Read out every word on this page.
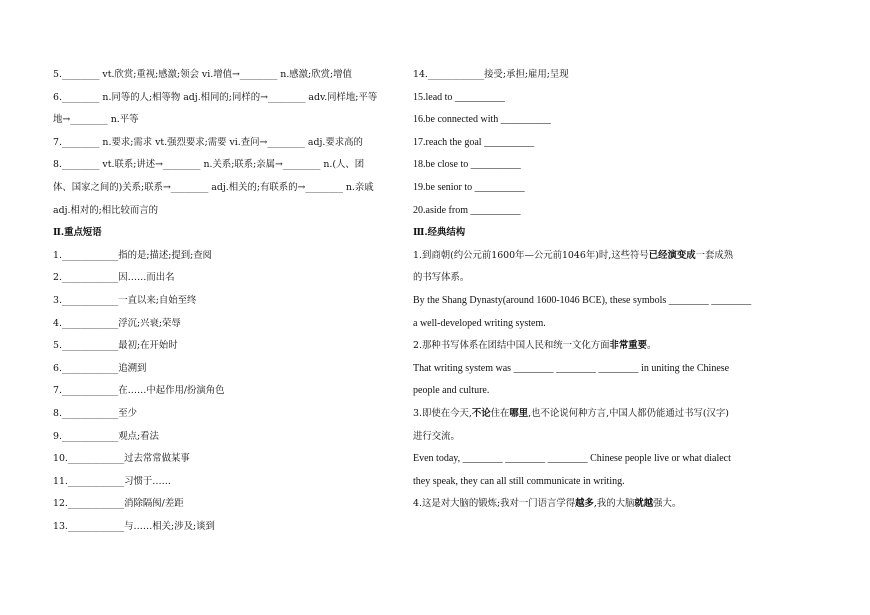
5.________ vt.欣赏;重视;感激;领会 vi.增值→________ n.感激;欣赏;增值
6.________ n.同等的人;相等物 adj.相同的;同样的→________ adv.同样地;平等
地→________ n.平等
7.________ n.要求;需求 vt.强烈要求;需要 vi.查问→________ adj.要求高的
8.________ vt.联系;讲述→________ n.关系;联系;亲属→________ n.(人、团
体、国家之间的)关系;联系→________ adj.相关的;有联系的→________ n.亲戚
adj.相对的;相比较而言的
Ⅱ.重点短语
1.____________指的是;描述;提到;查阅
2.____________因……而出名
3.____________一直以来;自始至终
4.____________浮沉;兴衰;荣辱
5.____________最初;在开始时
6.____________追溯到
7.____________在……中起作用/扮演角色
8.____________至少
9.____________观点;看法
10.____________过去常常做某事
11.____________习惯于……
12.____________消除隔阂/差距
13.____________与……相关;涉及;谈到
14.____________接受;承担;雇用;呈现
15.lead to __________
16.be connected with __________
17.reach the goal __________
18.be close to __________
19.be senior to __________
20.aside from __________
Ⅲ.经典结构
1.到商朝(约公元前1600年—公元前1046年)时,这些符号已经演变成一套成熟
的书写体系。
By the Shang Dynasty(around 1600-1046 BCE), these symbols ________ ________
a well-developed writing system.
2.那种书写体系在团结中国人民和统一文化方面非常重要。
That writing system was ________ ________ ________ in uniting the Chinese
people and culture.
3.即使在今天,不论住在哪里,也不论说何种方言,中国人都仍能通过书写(汉字)
进行交流。
Even today, ________ ________ ________ Chinese people live or what dialect
they speak, they can all still communicate in writing.
4.这是对大脑的锻炼;我对一门语言学得越多,我的大脑就越强大。
